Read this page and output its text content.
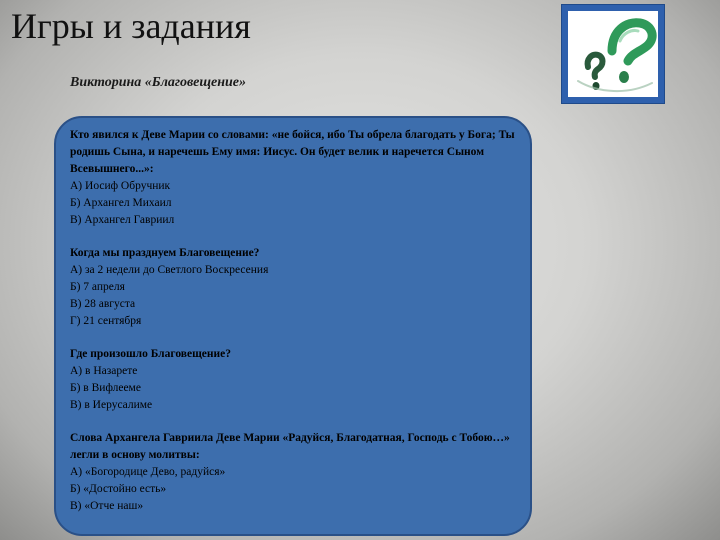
Игры и задания
Викторина «Благовещение»
Кто явился к Деве Марии со словами: «не бойся, ибо Ты обрела благодать у Бога; Ты родишь Сына, и наречешь Ему имя: Иисус. Он будет велик и наречется Сыном Всевышнего...»:
А) Иосиф Обручник
Б) Архангел Михаил
В) Архангел Гавриил
Когда мы празднуем Благовещение?
А) за 2 недели до Светлого Воскресения
Б) 7 апреля
В) 28 августа
Г) 21 сентября
Где произошло Благовещение?
А) в Назарете
Б) в Вифлееме
В) в Иерусалиме
Слова Архангела Гавриила Деве Марии «Радуйся, Благодатная, Господь с Тобою…» легли в основу молитвы:
А) «Богородице Дево, радуйся»
Б) «Достойно есть»
В) «Отче наш»
